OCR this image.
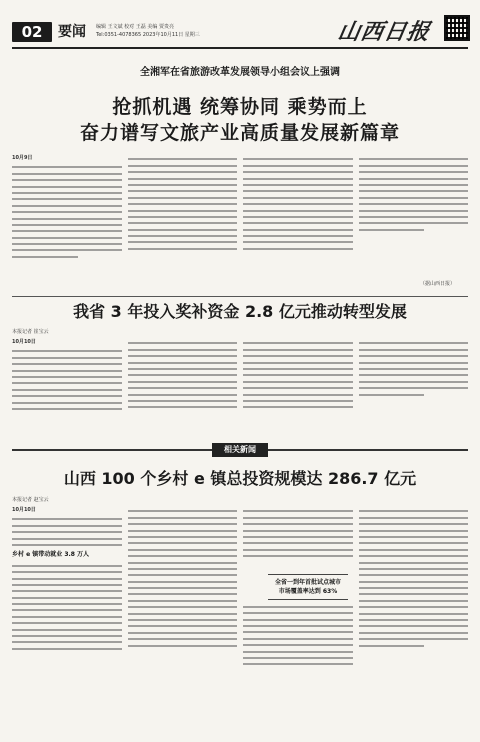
02	要闻 编辑 王文斌 校对 王磊 美编 贾贵亮
Tel:0351-4078365 2023年10月11日 星期三	山西日报
全湘军在省旅游改革发展领导小组会议上强调
抢抓机遇 统筹协同 乘势而上
奋力谱写文旅产业高质量发展新篇章
10月9日
（据山西日报）
我省 3 年投入奖补资金 2.8 亿元推动转型发展
本报记者 崔宝云
10月10日
相关新闻
山西 100 个乡村 e 镇总投资规模达 286.7 亿元
本报记者 赵宝云
10月10日
乡村 e 镇带动就业 3.8 万人
全省一到年首批试点城市
市场覆盖率达到 63%
